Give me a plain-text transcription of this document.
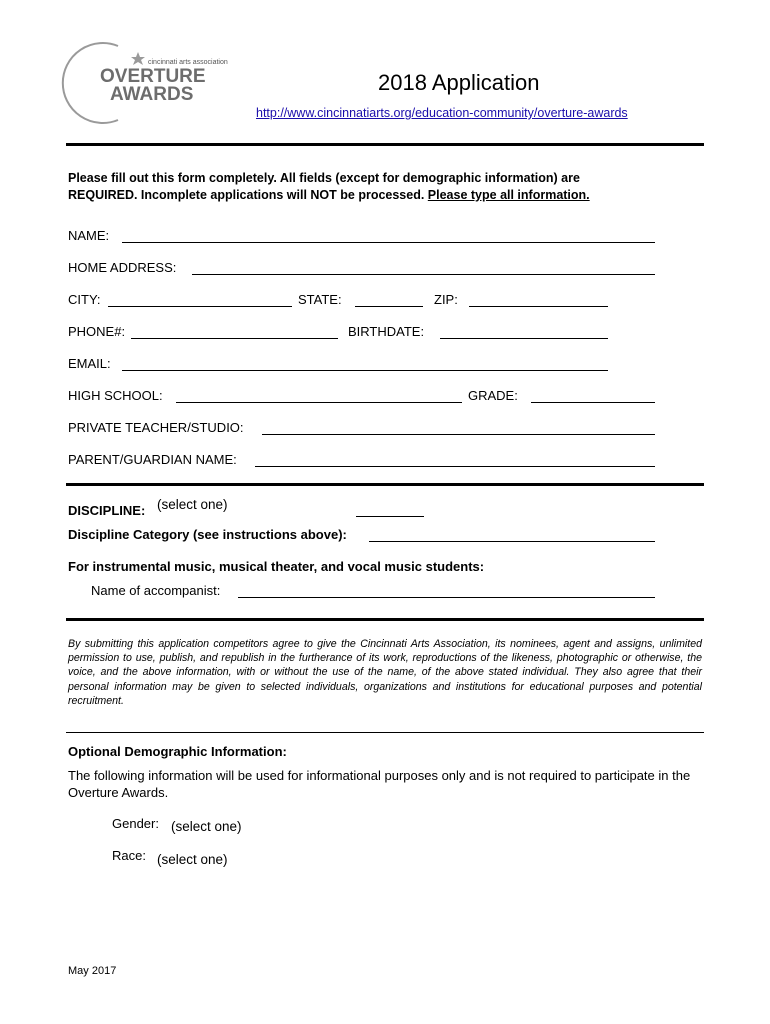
cincinnati arts association
OVERTURE
AWARDS	2018 Application
http://www.cincinnatiarts.org/education-community/overture-awards
Please fill out this form completely. All fields (except for demographic information) are
REQUIRED. Incomplete applications will NOT be processed. Please type all information.
NAME:
HOME ADDRESS:
CITY:	STATE:	ZIP:
PHONE#:	BIRTHDATE:
EMAIL:
HIGH SCHOOL:	GRADE:
PRIVATE TEACHER/STUDIO:
PARENT/GUARDIAN NAME:
DISCIPLINE: (select one)
Discipline Category (see instructions above):
For instrumental music, musical theater, and vocal music students:
Name of accompanist:
By submitting this application competitors agree to give the Cincinnati Arts Association, its nominees, agent and assigns, unlimited permission to use, publish, and republish in the furtherance of its work, reproductions of the likeness, photographic or otherwise, the voice, and the above information, with or without the use of the name, of the above stated individual. They also agree that their personal information may be given to selected individuals, organizations and institutions for educational purposes and potential recruitment.
Optional Demographic Information:
The following information will be used for informational purposes only and is not required to participate in the Overture Awards.
Gender: (select one)
Race: (select one)
May 2017
